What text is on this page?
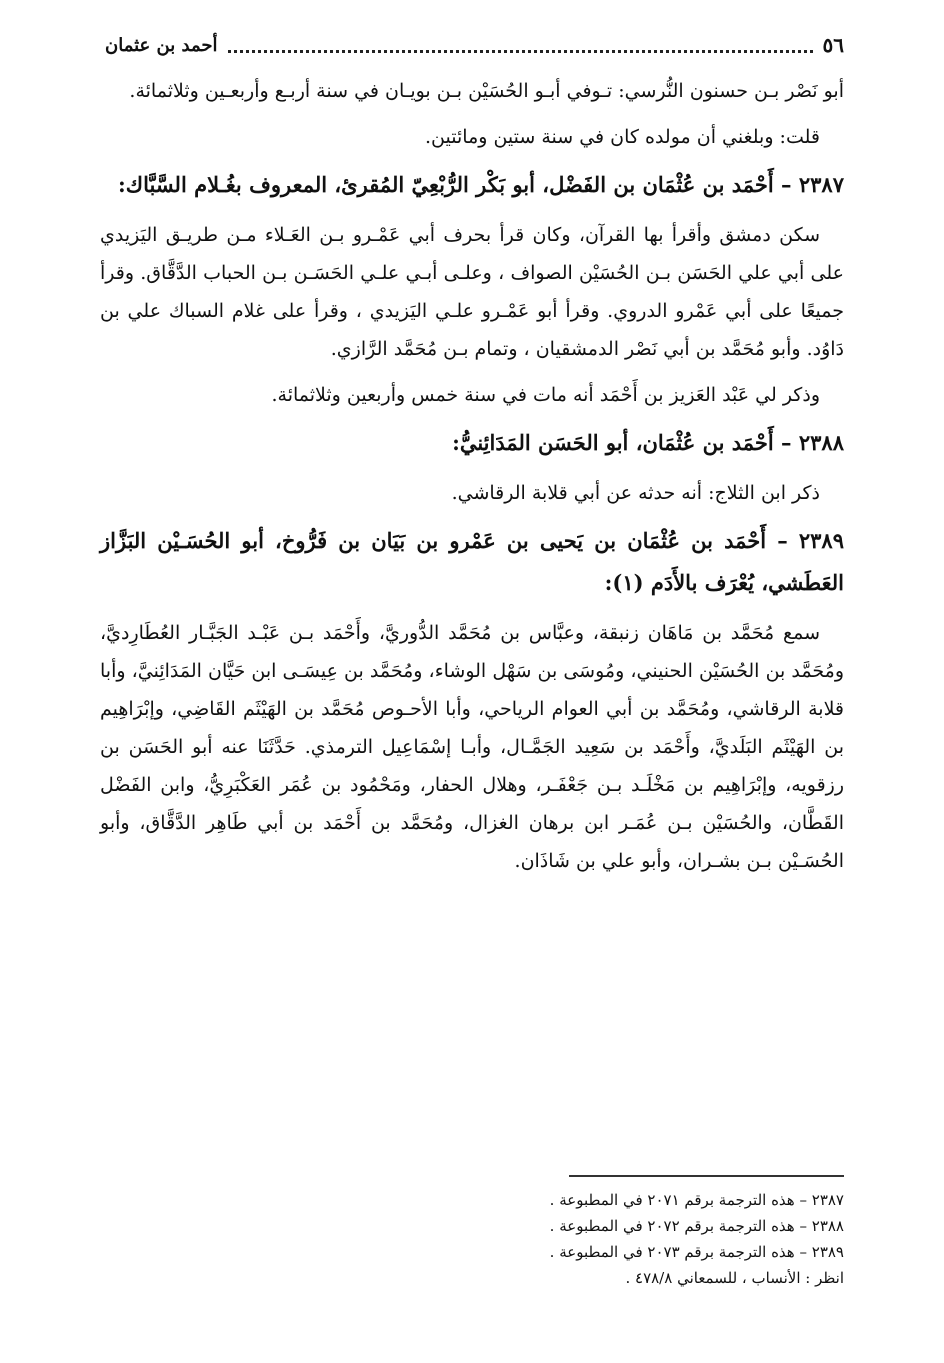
٥٦
أحمد بن عثمان

أبو نَصْر بـن حسنون النُّرسي: تـوفي أبـو الحُسَيْن بـن بويـان في سنة أربـع وأربعـين وثلاثمائة.

قلت: وبلغني أن مولده كان في سنة ستين ومائتين.

٢٣٨٧ – أَحْمَد بن عُثْمَان بن الفَضْل، أبو بَكْر الرُّبْعِيّ المُقرئ، المعروف بغُـلام السَّبَّاك:

سكن دمشق وأقرأ بها القرآن، وكان قرأ بحرف أبي عَمْـرو بـن العَـلاء مـن طريـق اليَزيدي على أبي علي الحَسَن بـن الحُسَيْن الصواف ، وعلـى أبـي علـي الحَسَـن بـن الحباب الدَّقَّاق. وقرأ جميعًا على أبي عَمْرو الدروي. وقرأ أبو عَمْـرو علـي اليَزيدي ، وقرأ على غلام السباك علي بن دَاوُد. وأبو مُحَمَّد بن أبي نَصْر الدمشقيان ، وتمام بـن مُحَمَّد الرَّازي.

وذكر لي عَبْد العَزيز بن أَحْمَد أنه مات في سنة خمس وأربعين وثلاثمائة.

٢٣٨٨ – أَحْمَد بن عُثْمَان، أبو الحَسَن المَدَائِنيُّ:

ذكر ابن الثلاج: أنه حدثه عن أبي قلابة الرقاشي.

٢٣٨٩ – أَحْمَد بن عُثْمَان بن يَحيى بن عَمْرو بن بَيَان بن فَرُّوخ، أبو الحُسَـيْن البَزَّاز العَطَشي، يُعْرَف بالأَدَم (١):

سمع مُحَمَّد بن مَاهَان زنبقة، وعبَّاس بن مُحَمَّد الدُّوريَّ، وأَحْمَد بـن عَبْـد الجَبَّـار العُطَارِديَّ، ومُحَمَّد بن الحُسَيْن الحنيني، ومُوسَى بن سَهْل الوشاء، ومُحَمَّد بن عِيسَـى ابن حَيَّان المَدَائِنيَّ، وأبا قلابة الرقاشي، ومُحَمَّد بن أبي العوام الرياحي، وأبا الأحـوص مُحَمَّد بن الهَيْثَم القَاضِي، وإبْرَاهِيم بن الهَيْثَم البَلَديَّ، وأَحْمَد بن سَعِيد الجَمَّـال، وأبـا إسْمَاعِيل الترمذي. حَدَّثَنَا عنه أبو الحَسَن بن رزقويه، وإبْرَاهِيم بن مَخْلَـد بـن جَعْفَـر، وهلال الحفار، ومَحْمُود بن عُمَر العَكْبَرِيُّ، وابن الفَضْل القَطَّان، والحُسَيْن بـن عُمَـر ابن برهان الغزال، ومُحَمَّد بن أَحْمَد بن أبي طَاهِر الدَّقَّاق، وأبو الحُسَـيْن بـن بشـران، وأبو علي بن شَاذَان.

٢٣٨٧ – هذه الترجمة برقم ٢٠٧١ في المطبوعة .

٢٣٨٨ – هذه الترجمة برقم ٢٠٧٢ في المطبوعة .

٢٣٨٩ – هذه الترجمة برقم ٢٠٧٣ في المطبوعة .

انظر : الأنساب ، للسمعاني ٤٧٨/٨ .
